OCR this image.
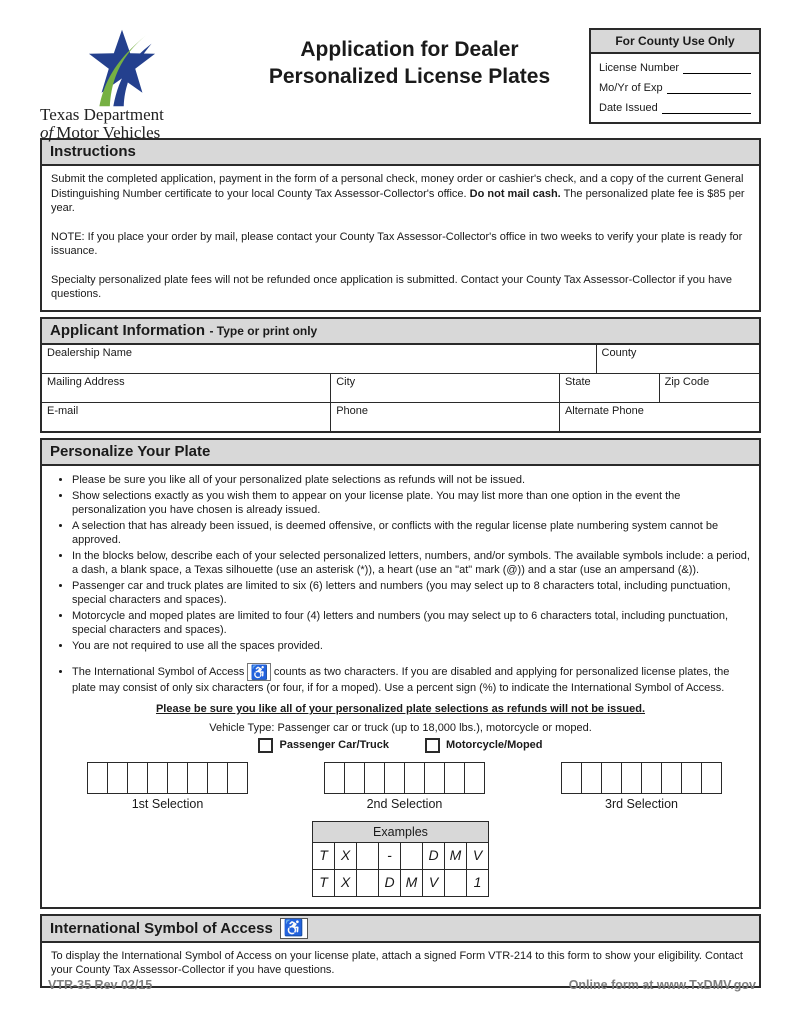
Texas Department
of Motor Vehicles
Application for Dealer
Personalized License Plates
For County Use Only
License Number
Mo/Yr of Exp
Date Issued
Instructions

Submit the completed application, payment in the form of a personal check, money order or cashier's check, and a copy of the current General Distinguishing Number certificate to your local County Tax Assessor-Collector's office. Do not mail cash. The personalized plate fee is $85 per year.

NOTE: If you place your order by mail, please contact your County Tax Assessor-Collector's office in two weeks to verify your plate is ready for issuance.

Specialty personalized plate fees will not be refunded once application is submitted. Contact your County Tax Assessor-Collector if you have questions.

Applicant Information - Type or print only
Dealership Name	County
Mailing Address	City	State	Zip Code
E-mail	Phone	Alternate Phone
Personalize Your Plate
• Please be sure you like all of your personalized plate selections as refunds will not be issued.
• Show selections exactly as you wish them to appear on your license plate. You may list more than one option in the event the personalization you have chosen is already issued.
• A selection that has already been issued, is deemed offensive, or conflicts with the regular license plate numbering system cannot be approved.
• In the blocks below, describe each of your selected personalized letters, numbers, and/or symbols. The available symbols include: a period, a dash, a blank space, a Texas silhouette (use an asterisk (*)), a heart (use an "at" mark (@)) and a star (use an ampersand (&)).
• Passenger car and truck plates are limited to six (6) letters and numbers (you may select up to 8 characters total, including punctuation, special characters and spaces).
• Motorcycle and moped plates are limited to four (4) letters and numbers (you may select up to 6 characters total, including punctuation, special characters and spaces).
• You are not required to use all the spaces provided.
• The International Symbol of Access ♿ counts as two characters. If you are disabled and applying for personalized license plates, the plate may consist of only six characters (or four, if for a moped). Use a percent sign (%) to indicate the International Symbol of Access.
Please be sure you like all of your personalized plate selections as refunds will not be issued.
Vehicle Type: Passenger car or truck (up to 18,000 lbs.), motorcycle or moped.
Passenger Car/Truck	Motorcycle/Moped
1st Selection	2nd Selection	3rd Selection
Examples							
T	X		-		D	M	V
T	X		D	M	V		1
International Symbol of Access ♿

To display the International Symbol of Access on your license plate, attach a signed Form VTR-214 to this form to show your eligibility. Contact your County Tax Assessor-Collector if you have questions.

VTR-35 Rev 02/15	Online form at www.TxDMV.gov
